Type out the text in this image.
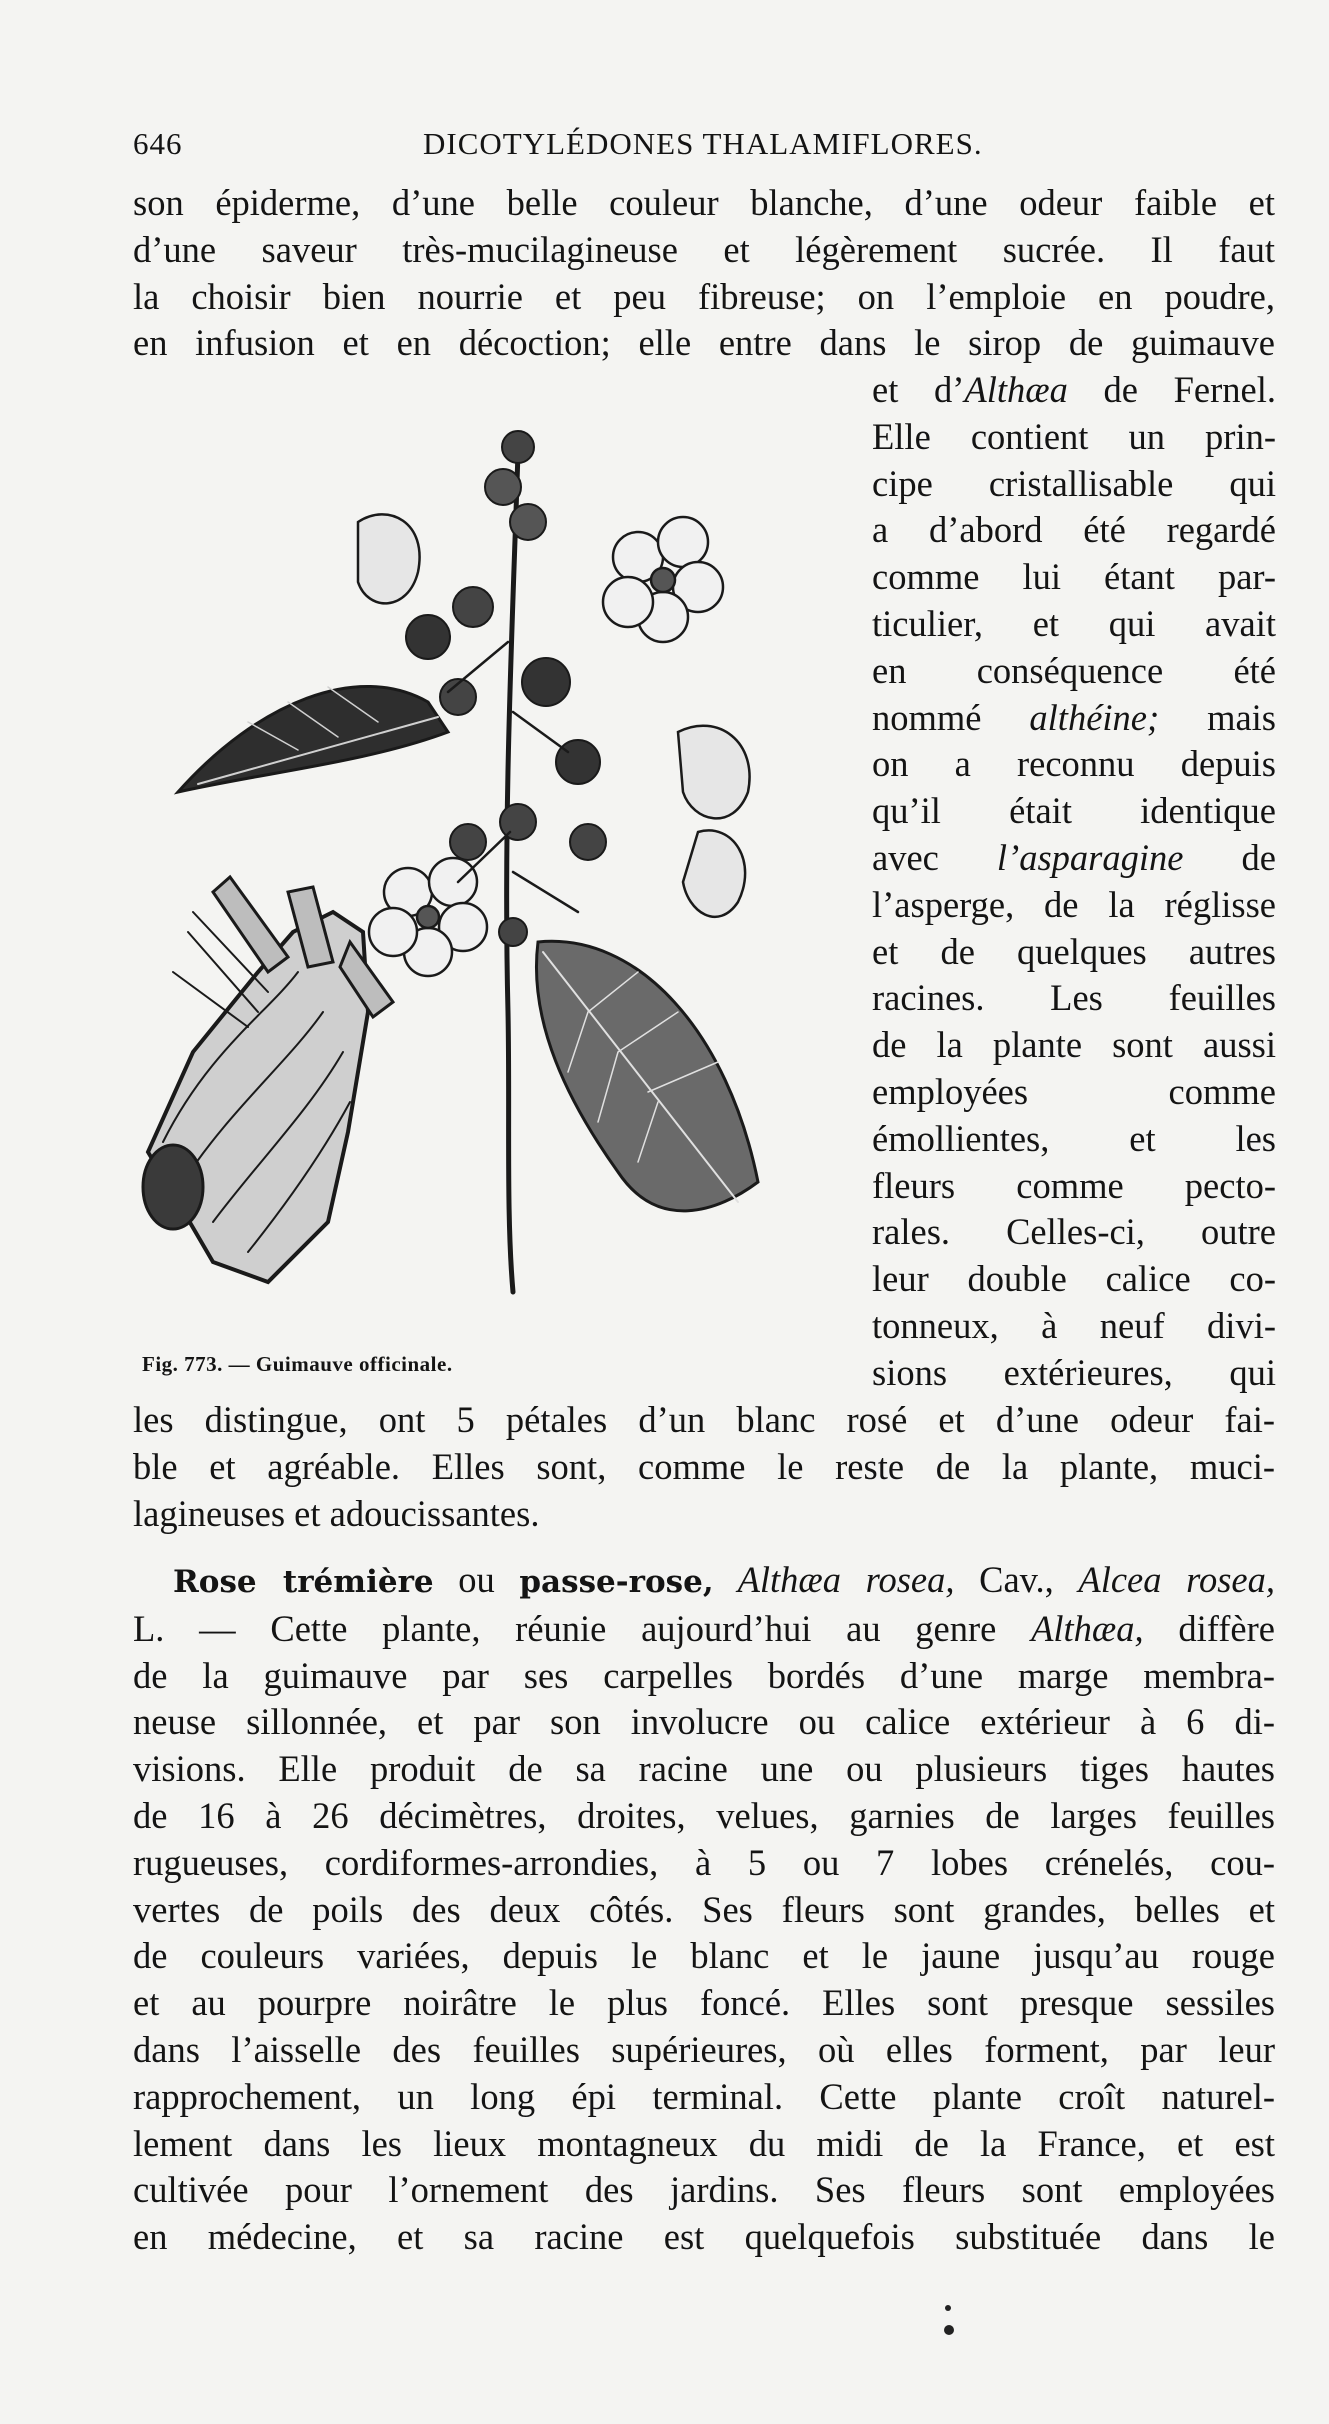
646	DICOTYLÉDONES THALAMIFLORES.
son épiderme, d’une belle couleur blanche, d’une odeur faible et
d’une saveur très-mucilagineuse et légèrement sucrée. Il faut
la choisir bien nourrie et peu fibreuse; on l’emploie en poudre,
en infusion et en décoction; elle entre dans le sirop de guimauve
Fig. 773. — Guimauve officinale.
et d’Althæa de Fernel.
Elle contient un prin-
cipe cristallisable qui
a d’abord été regardé
comme lui étant par-
ticulier, et qui avait
en conséquence été
nommé althéine; mais
on a reconnu depuis
qu’il était identique
avec l’asparagine de
l’asperge, de la réglisse
et de quelques autres
racines. Les feuilles
de la plante sont aussi
employées comme
émollientes, et les
fleurs comme pecto-
rales. Celles-ci, outre
leur double calice co-
tonneux, à neuf divi-
sions extérieures, qui
les distingue, ont 5 pétales d’un blanc rosé et d’une odeur fai-
ble et agréable. Elles sont, comme le reste de la plante, muci-
lagineuses et adoucissantes.
Rose trémière ou passe-rose, Althæa rosea, Cav., Alcea rosea,
L. — Cette plante, réunie aujourd’hui au genre Althæa, diffère
de la guimauve par ses carpelles bordés d’une marge membra-
neuse sillonnée, et par son involucre ou calice extérieur à 6 di-
visions. Elle produit de sa racine une ou plusieurs tiges hautes
de 16 à 26 décimètres, droites, velues, garnies de larges feuilles
rugueuses, cordiformes-arrondies, à 5 ou 7 lobes crénelés, cou-
vertes de poils des deux côtés. Ses fleurs sont grandes, belles et
de couleurs variées, depuis le blanc et le jaune jusqu’au rouge
et au pourpre noirâtre le plus foncé. Elles sont presque sessiles
dans l’aisselle des feuilles supérieures, où elles forment, par leur
rapprochement, un long épi terminal. Cette plante croît naturel-
lement dans les lieux montagneux du midi de la France, et est
cultivée pour l’ornement des jardins. Ses fleurs sont employées
en médecine, et sa racine est quelquefois substituée dans le
